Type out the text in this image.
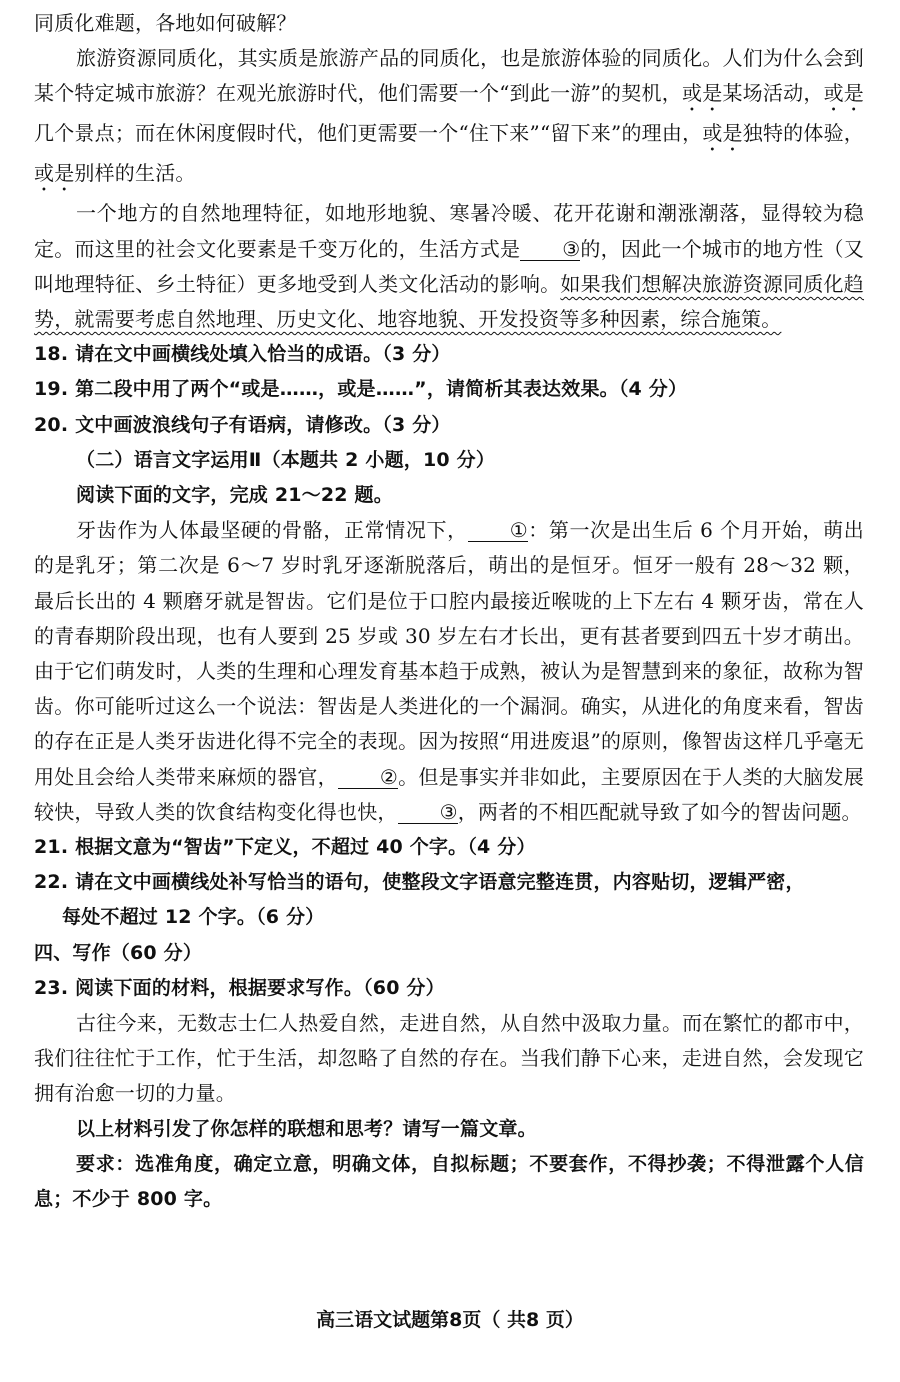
同质化难题，各地如何破解？
旅游资源同质化，其实质是旅游产品的同质化，也是旅游体验的同质化。人们为什么会到某个特定城市旅游？在观光旅游时代，他们需要一个“到此一游”的契机，或是某场活动，或是几个景点；而在休闲度假时代，他们更需要一个“住下来”“留下来”的理由，或是独特的体验，或是别样的生活。
一个地方的自然地理特征，如地形地貌、寒暑冷暖、花开花谢和潮涨潮落，显得较为稳定。而这里的社会文化要素是千变万化的，生活方式是 ③的，因此一个城市的地方性（又叫地理特征、乡土特征）更多地受到人类文化活动的影响。如果我们想解决旅游资源同质化趋势，就需要考虑自然地理、历史文化、地容地貌、开发投资等多种因素，综合施策。
18. 请在文中画横线处填入恰当的成语。（3 分）
19. 第二段中用了两个“或是……，或是……”，请简析其表达效果。（4 分）
20. 文中画波浪线句子有语病，请修改。（3 分）
（二）语言文字运用Ⅱ（本题共 2 小题，10 分）
阅读下面的文字，完成 21～22 题。
牙齿作为人体最坚硬的骨骼，正常情况下， ①：第一次是出生后 6 个月开始，萌出的是乳牙；第二次是 6～7 岁时乳牙逐渐脱落后，萌出的是恒牙。恒牙一般有 28～32 颗，最后长出的 4 颗磨牙就是智齿。它们是位于口腔内最接近喉咙的上下左右 4 颗牙齿，常在人的青春期阶段出现，也有人要到 25 岁或 30 岁左右才长出，更有甚者要到四五十岁才萌出。由于它们萌发时，人类的生理和心理发育基本趋于成熟，被认为是智慧到来的象征，故称为智齿。你可能听过这么一个说法：智齿是人类进化的一个漏洞。确实，从进化的角度来看，智齿的存在正是人类牙齿进化得不完全的表现。因为按照“用进废退”的原则，像智齿这样几乎毫无用处且会给人类带来麻烦的器官， ②。但是事实并非如此，主要原因在于人类的大脑发展较快，导致人类的饮食结构变化得也快， ③，两者的不相匹配就导致了如今的智齿问题。
21. 根据文意为“智齿”下定义，不超过 40 个字。（4 分）
22. 请在文中画横线处补写恰当的语句，使整段文字语意完整连贯，内容贴切，逻辑严密，
每处不超过 12 个字。（6 分）
四、写作（60 分）
23. 阅读下面的材料，根据要求写作。（60 分）
古往今来，无数志士仁人热爱自然，走进自然，从自然中汲取力量。而在繁忙的都市中，我们往往忙于工作，忙于生活，却忽略了自然的存在。当我们静下心来，走进自然，会发现它拥有治愈一切的力量。
以上材料引发了你怎样的联想和思考？请写一篇文章。
要求：选准角度，确定立意，明确文体，自拟标题；不要套作，不得抄袭；不得泄露个人信息；不少于 800 字。
高三语文试题第8页（ 共8 页）
